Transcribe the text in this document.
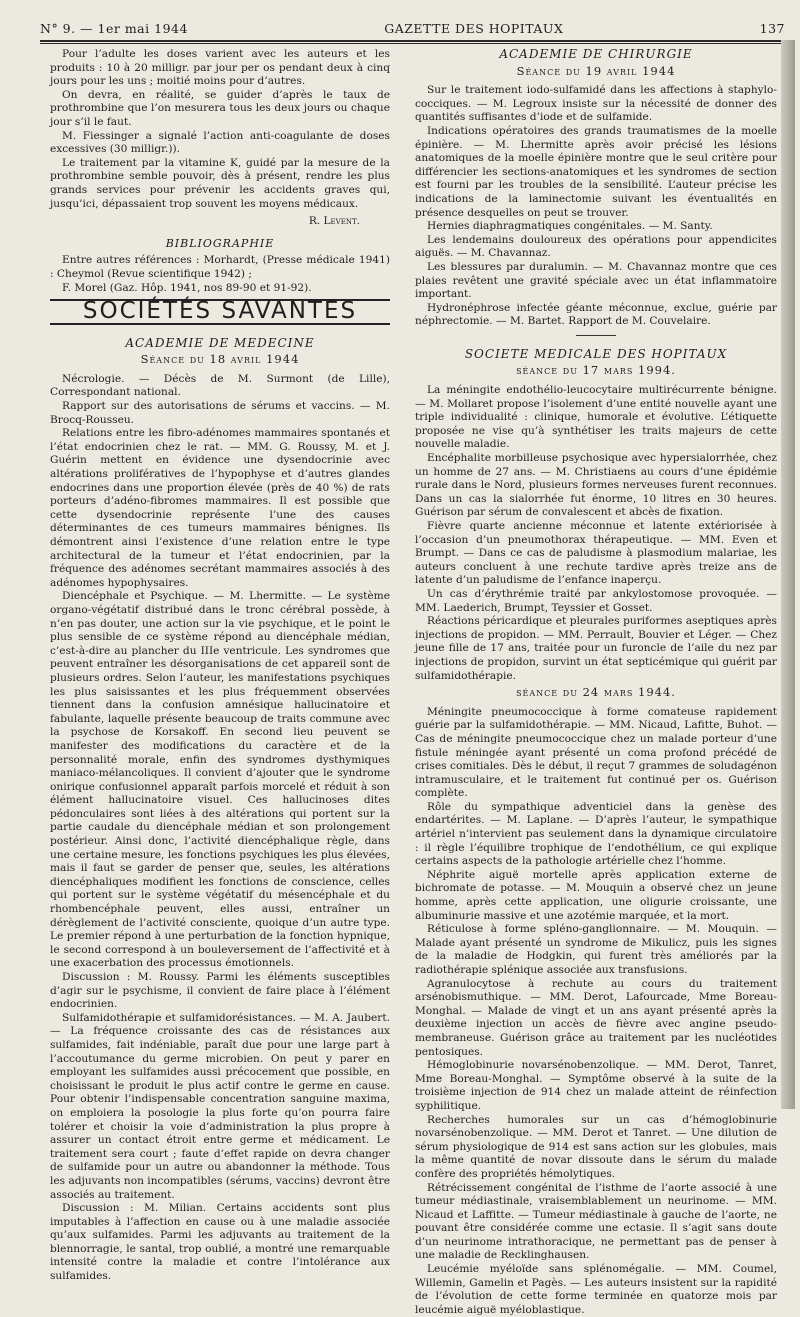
N° 9. — 1er mai 1944	GAZETTE DES HOPITAUX	137

Pour l’adulte les doses varient avec les auteurs et les produits : 10 à 20 milligr. par jour per os pendant deux à cinq jours pour les uns ; moitié moins pour d’autres.

On devra, en réalité, se guider d’après le taux de prothrombine que l’on mesurera tous les deux jours ou chaque jour s’il le faut.

M. Fiessinger a signalé l’action anti-coagulante de doses excessives (30 milligr.)).

Le traitement par la vitamine K, guidé par la mesure de la prothrombine semble pouvoir, dès à présent, rendre les plus grands services pour prévenir les accidents graves qui, jusqu’ici, dépassaient trop souvent les moyens médicaux.

R. Levent.
BIBLIOGRAPHIE

Entre autres références : Morhardt, (Presse médicale 1941) : Cheymol (Revue scientifique 1942) ;

F. Morel (Gaz. Hôp. 1941, nos 89-90 et 91-92).

SOCIÉTÉS SAVANTES
ACADEMIE DE MEDECINE
Séance du 18 avril 1944

Nécrologie. — Décès de M. Surmont (de Lille), Correspondant national.

Rapport sur des autorisations de sérums et vaccins. — M. Brocq-Rousseu.

Relations entre les fibro-adénomes mammaires spontanés et l’état endocrinien chez le rat. — MM. G. Roussy, M. et J. Guérin mettent en évidence une dysendocrinie avec altérations prolifératives de l’hypophyse et d’autres glandes endocrines dans une proportion élevée (près de 40 %) de rats porteurs d’adéno-fibromes mammaires. Il est possible que cette dysendocrinie représente l’une des causes déterminantes de ces tumeurs mammaires bénignes. Ils démontrent ainsi l’existence d’une relation entre le type architectural de la tumeur et l’état endocrinien, par la fréquence des adénomes secrétant mammaires associés à des adénomes hypophysaires.

Diencéphale et Psychique. — M. Lhermitte. — Le système organo-végétatif distribué dans le tronc cérébral possède, à n’en pas douter, une action sur la vie psychique, et le point le plus sensible de ce système répond au diencéphale médian, c’est-à-dire au plancher du IIIe ventricule. Les syndromes que peuvent entraîner les désorganisations de cet appareil sont de plusieurs ordres. Selon l’auteur, les manifestations psychiques les plus saisissantes et les plus fréquemment observées tiennent dans la confusion amnésique hallucinatoire et fabulante, laquelle présente beaucoup de traits commune avec la psychose de Korsakoff. En second lieu peuvent se manifester des modifications du caractère et de la personnalité morale, enfin des syndromes dysthymiques maniaco-mélancoliques. Il convient d’ajouter que le syndrome onirique confusionnel apparaît parfois morcelé et réduit à son élément hallucinatoire visuel. Ces hallucinoses dites pédonculaires sont liées à des altérations qui portent sur la partie caudale du diencéphale médian et son prolongement postérieur. Ainsi donc, l’activité diencéphalique règle, dans une certaine mesure, les fonctions psychiques les plus élevées, mais il faut se garder de penser que, seules, les altérations diencéphaliques modifient les fonctions de conscience, celles qui portent sur le système végétatif du mésencéphale et du rhombencéphale peuvent, elles aussi, entraîner un dérèglement de l’activité consciente, quoique d’un autre type. Le premier répond à une perturbation de la fonction hypnique, le second correspond à un bouleversement de l’affectivité et à une exacerbation des processus émotionnels.

Discussion : M. Roussy. Parmi les éléments susceptibles d’agir sur le psychisme, il convient de faire place à l’élément endocrinien.

Sulfamidothérapie et sulfamidorésistances. — M. A. Jaubert. — La fréquence croissante des cas de résistances aux sulfamides, fait indéniable, paraît due pour une large part à l’accoutumance du germe microbien. On peut y parer en employant les sulfamides aussi précocement que possible, en choisissant le produit le plus actif contre le germe en cause. Pour obtenir l’indispensable concentration sanguine maxima, on emploiera la posologie la plus forte qu’on pourra faire tolérer et choisir la voie d’administration la plus propre à assurer un contact étroit entre germe et médicament. Le traitement sera court ; faute d’effet rapide on devra changer de sulfamide pour un autre ou abandonner la méthode. Tous les adjuvants non incompatibles (sérums, vaccins) devront être associés au traitement.

Discussion : M. Milian. Certains accidents sont plus imputables à l’affection en cause ou à une maladie associée qu’aux sulfamides. Parmi les adjuvants au traitement de la blennorragie, le santal, trop oublié, a montré une remarquable intensité contre la maladie et contre l’intolérance aux sulfamides.

ACADEMIE DE CHIRURGIE
Séance du 19 avril 1944

Sur le traitement iodo-sulfamidé dans les affections à staphylo-cocciques. — M. Legroux insiste sur la nécessité de donner des quantités suffisantes d’iode et de sulfamide.

Indications opératoires des grands traumatismes de la moelle épinière. — M. Lhermitte après avoir précisé les lésions anatomiques de la moelle épinière montre que le seul critère pour différencier les sections-anatomiques et les syndromes de section est fourni par les troubles de la sensibilité. L’auteur précise les indications de la laminectomie suivant les éventualités en présence desquelles on peut se trouver.

Hernies diaphragmatiques congénitales. — M. Santy.

Les lendemains douloureux des opérations pour appendicites aiguës. — M. Chavannaz.

Les blessures par duralumin. — M. Chavannaz montre que ces plaies revêtent une gravité spéciale avec un état inflammatoire important.

Hydronéphrose infectée géante méconnue, exclue, guérie par néphrectomie. — M. Bartet. Rapport de M. Couvelaire.

SOCIETE MEDICALE DES HOPITAUX
séance du 17 mars 1994.

La méningite endothélio-leucocytaire multirécurrente bénigne. — M. Mollaret propose l’isolement d’une entité nouvelle ayant une triple individualité : clinique, humorale et évolutive. L’étiquette proposée ne vise qu’à synthétiser les traits majeurs de cette nouvelle maladie.

Encéphalite morbilleuse psychosique avec hypersialorrhée, chez un homme de 27 ans. — M. Christiaens au cours d’une épidémie rurale dans le Nord, plusieurs formes nerveuses furent reconnues. Dans un cas la sialorrhée fut énorme, 10 litres en 30 heures. Guérison par sérum de convalescent et abcès de fixation.

Fièvre quarte ancienne méconnue et latente extériorisée à l’occasion d’un pneumothorax thérapeutique. — MM. Even et Brumpt. — Dans ce cas de paludisme à plasmodium malariae, les auteurs concluent à une rechute tardive après treize ans de latente d’un paludisme de l’enfance inaperçu.

Un cas d’érythrémie traité par ankylostomose provoquée. — MM. Laederich, Brumpt, Teyssier et Gosset.

Réactions péricardique et pleurales puriformes aseptiques après injections de propidon. — MM. Perrault, Bouvier et Léger. — Chez jeune fille de 17 ans, traitée pour un furoncle de l’aile du nez par injections de propidon, survint un état septicémique qui guérit par sulfamidothérapie.

séance du 24 mars 1944.

Méningite pneumococcique à forme comateuse rapidement guérie par la sulfamidothérapie. — MM. Nicaud, Lafitte, Buhot. — Cas de méningite pneumococcique chez un malade porteur d’une fistule méningée ayant présenté un coma profond précédé de crises comitiales. Dès le début, il reçut 7 grammes de soludagénon intramusculaire, et le traitement fut continué per os. Guérison complète.

Rôle du sympathique adventiciel dans la genèse des endartérites. — M. Laplane. — D’après l’auteur, le sympathique artériel n’intervient pas seulement dans la dynamique circulatoire : il règle l’équilibre trophique de l’endothélium, ce qui explique certains aspects de la pathologie artérielle chez l’homme.

Néphrite aiguë mortelle après application externe de bichromate de potasse. — M. Mouquin a observé chez un jeune homme, après cette application, une oligurie croissante, une albuminurie massive et une azotémie marquée, et la mort.

Réticulose à forme spléno-ganglionnaire. — M. Mouquin. — Malade ayant présenté un syndrome de Mikulicz, puis les signes de la maladie de Hodgkin, qui furent très améliorés par la radiothérapie splénique associée aux transfusions.

Agranulocytose à rechute au cours du traitement arsénobismuthique. — MM. Derot, Lafourcade, Mme Boreau-Monghal. — Malade de vingt et un ans ayant présenté après la deuxième injection un accès de fièvre avec angine pseudo-membraneuse. Guérison grâce au traitement par les nucléotides pentosiques.

Hémoglobinurie novarsénobenzolique. — MM. Derot, Tanret, Mme Boreau-Monghal. — Symptôme observé à la suite de la troisième injection de 914 chez un malade atteint de réinfection syphilitique.

Recherches humorales sur un cas d’hémoglobinurie novarsénobenzolique. — MM. Derot et Tanret. — Une dilution de sérum physiologique de 914 est sans action sur les globules, mais la même quantité de novar dissoute dans le sérum du malade confère des propriétés hémolytiques.

Rétrécissement congénital de l’isthme de l’aorte associé à une tumeur médiastinale, vraisemblablement un neurinome. — MM. Nicaud et Laffitte. — Tumeur médiastinale à gauche de l’aorte, ne pouvant être considérée comme une ectasie. Il s’agit sans doute d’un neurinome intrathoracique, ne permettant pas de penser à une maladie de Recklinghausen.

Leucémie myéloïde sans splénomégalie. — MM. Coumel, Willemin, Gamelin et Pagès. — Les auteurs insistent sur la rapidité de l’évolution de cette forme terminée en quatorze mois par leucémie aiguë myéloblastique.
